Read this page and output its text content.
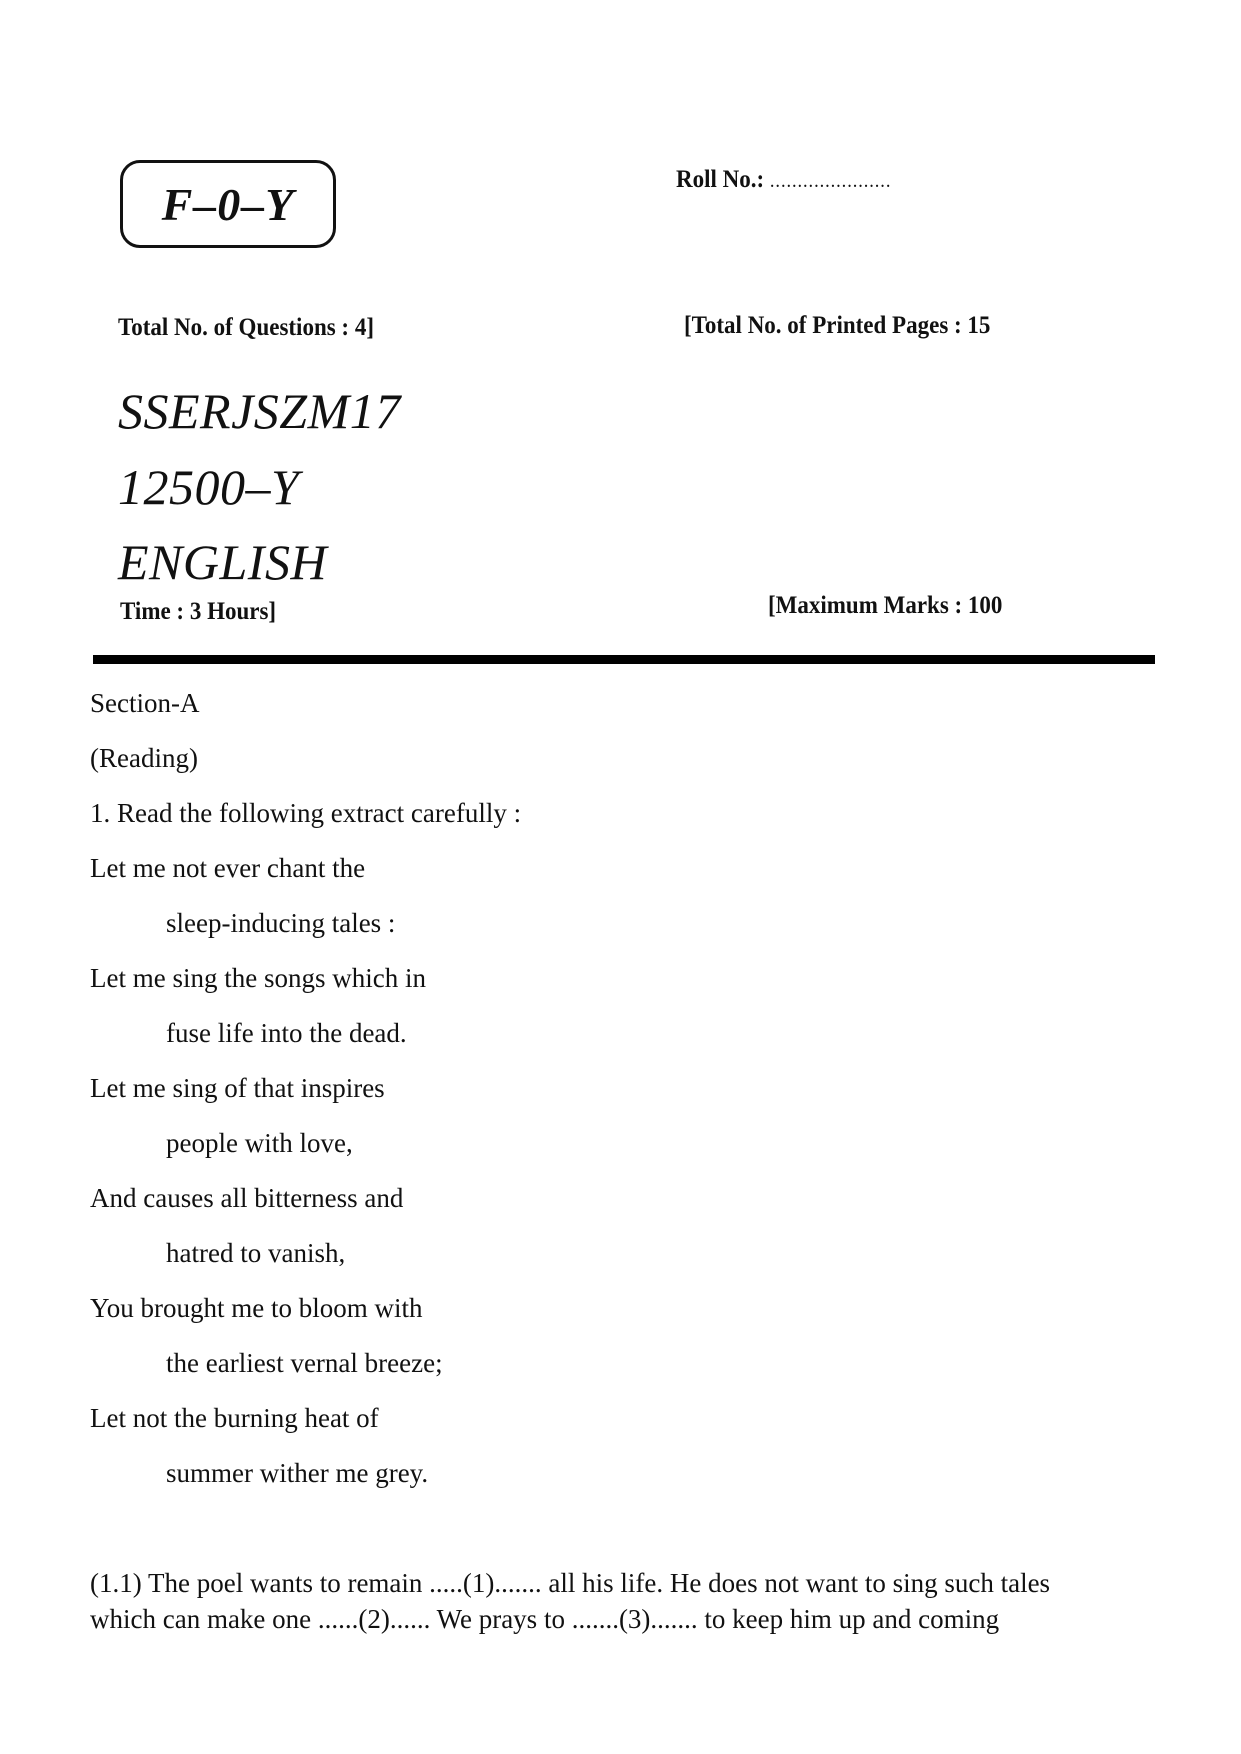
F–0–Y	Roll No.: ......................
Total No. of Questions : 4]	[Total No. of Printed Pages : 15
SSERJSZM17
12500–Y
ENGLISH
Time : 3 Hours]	[Maximum Marks : 100
Section-A
(Reading)
1. Read the following extract carefully :
Let me not ever chant the
sleep-inducing tales :
Let me sing the songs which in
fuse life into the dead.
Let me sing of that inspires
people with love,
And causes all bitterness and
hatred to vanish,
You brought me to bloom with
the earliest vernal breeze;
Let not the burning heat of
summer wither me grey.
(1.1) The poel wants to remain .....(1)....... all his life. He does not want to sing such tales
which can make one ......(2)...... We prays to .......(3)....... to keep him up and coming
